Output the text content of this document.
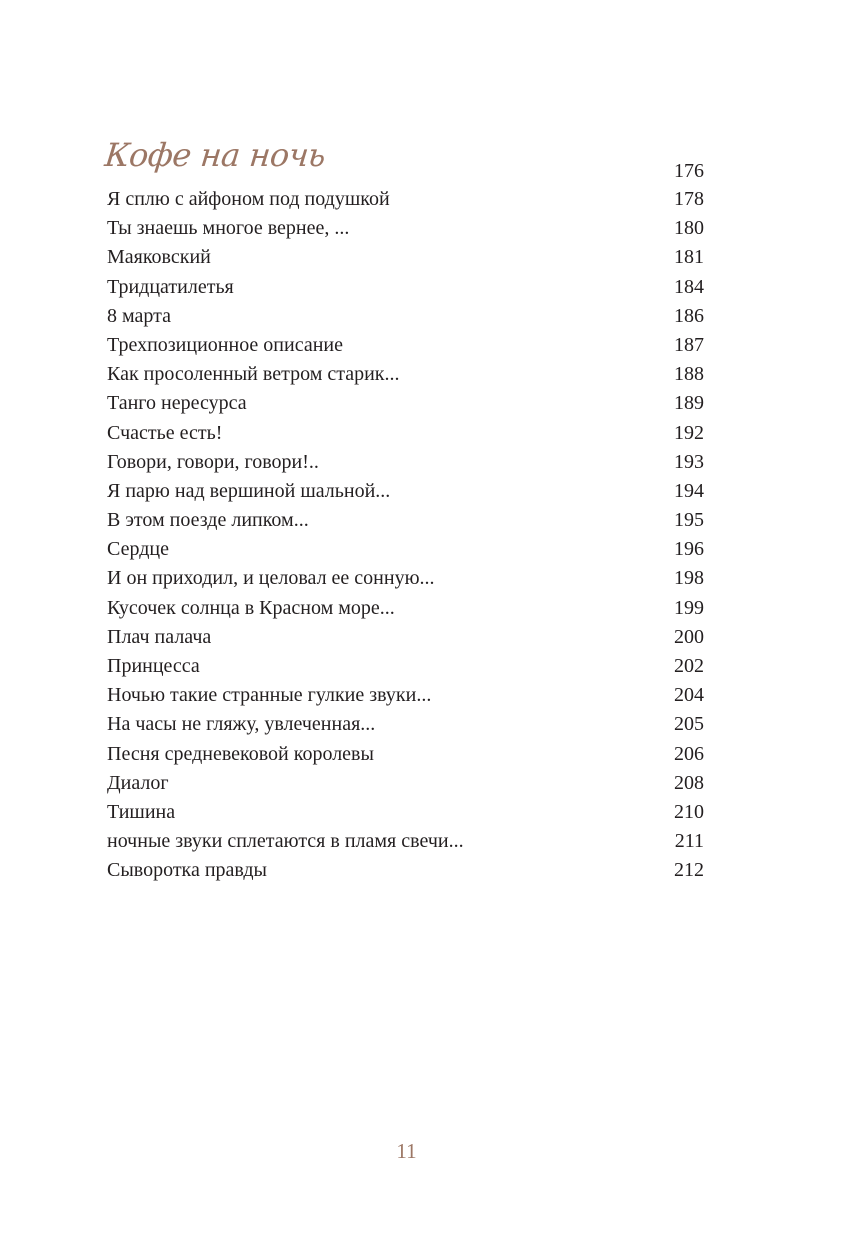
Кофе на ночь	176
Я сплю с айфоном под подушкой	178
Ты знаешь многое вернее, ...	180
Маяковский	181
Тридцатилетья	184
8 марта	186
Трехпозиционное описание	187
Как просоленный ветром старик...	188
Танго нересурса	189
Счастье есть!	192
Говори, говори, говори!..	193
Я парю над вершиной шальной...	194
В этом поезде липком...	195
Сердце	196
И он приходил, и целовал ее сонную...	198
Кусочек солнца в Красном море...	199
Плач палача	200
Принцесса	202
Ночью такие странные гулкие звуки...	204
На часы не гляжу, увлеченная...	205
Песня средневековой королевы	206
Диалог	208
Тишина	210
ночные звуки сплетаются в пламя свечи...	211
Сыворотка правды	212
11
